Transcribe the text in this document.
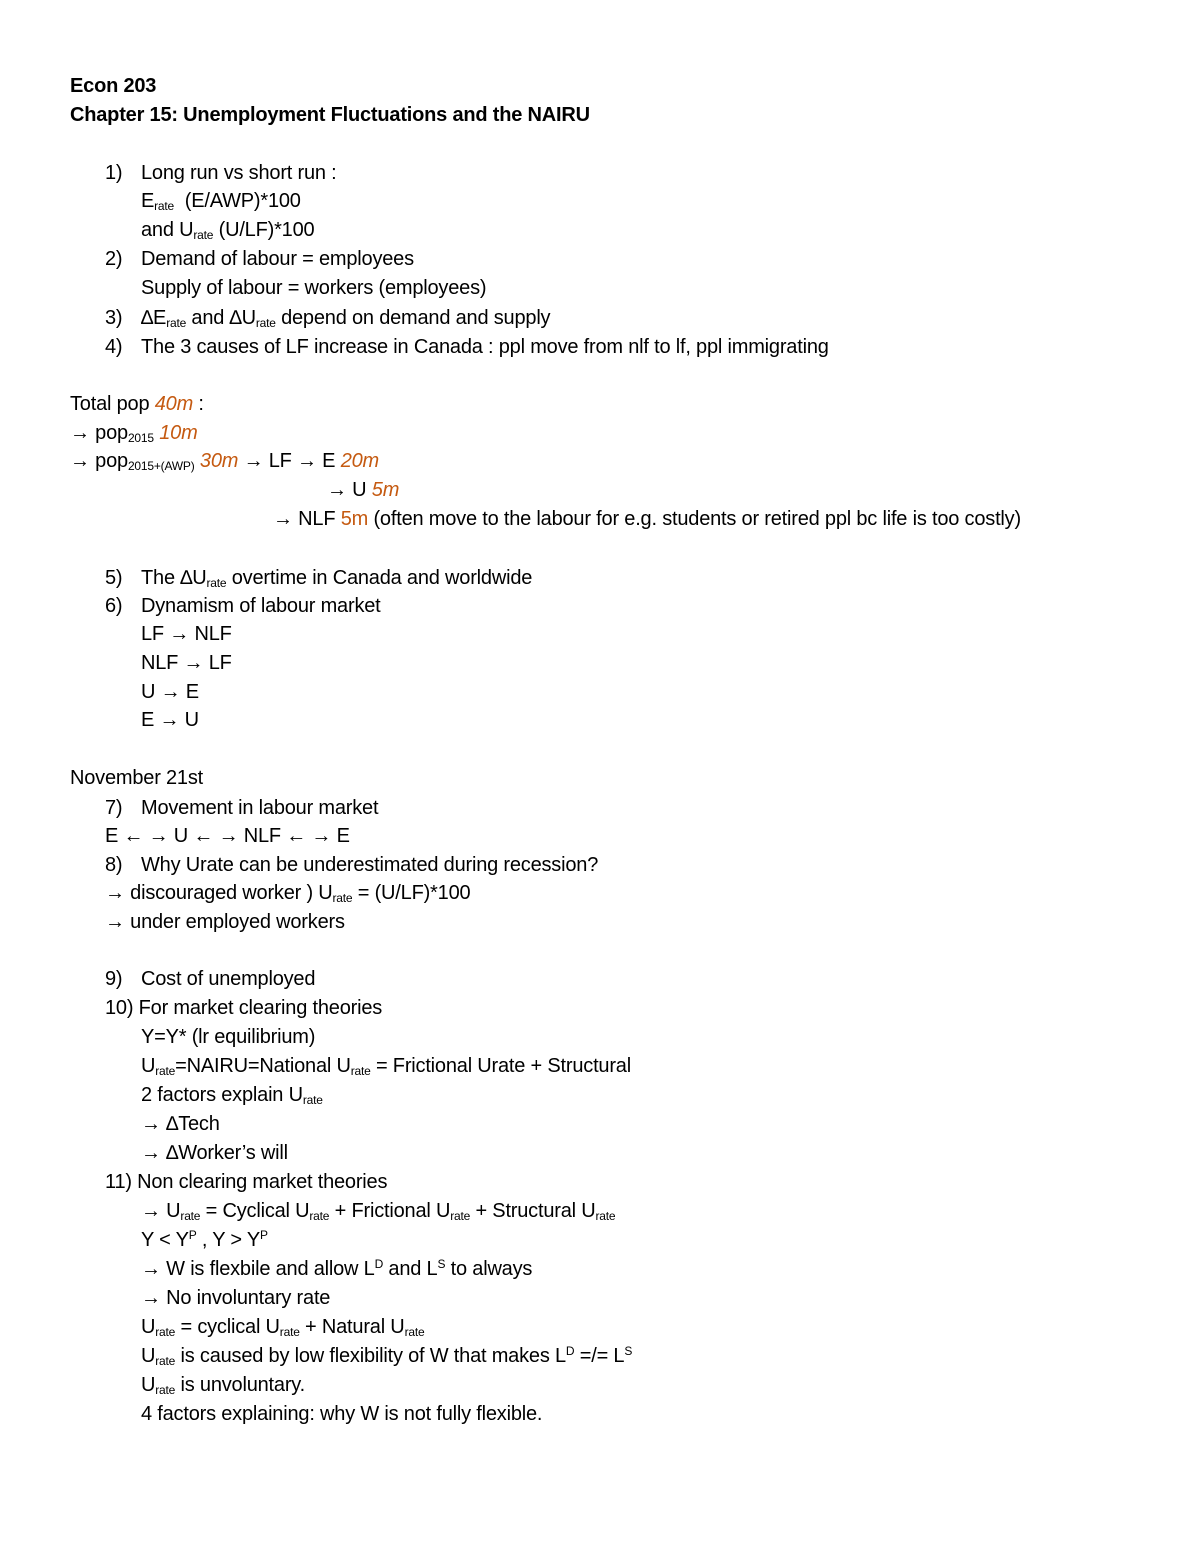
Econ 203
Chapter 15: Unemployment Fluctuations and the NAIRU
1) Long run vs short run :
$E_{rate}$  (E/AWP)*100
and $U_{rate}$ (U/LF)*100
2) Demand of labour = employees
Supply of labour = workers (employees)
3) $\Delta E_{rate}$ and $\Delta U_{rate}$ depend on demand and supply
4) The 3 causes of LF increase in Canada : ppl move from nlf to lf, ppl immigrating
Total pop 40m :
→ pop$_{2015}$ 10m
→ pop$_{2015+(AWP)}$ 30m → LF → E 20m
→ U 5m
→ NLF 5m (often move to the labour for e.g. students or retired ppl bc life is too costly)
5) The $\Delta U_{rate}$ overtime in Canada and worldwide
6) Dynamism of labour market
LF → NLF
NLF → LF
U → E
E → U
November 21st
7) Movement in labour market
E ← → U ← → NLF ← → E
8) Why Urate can be underestimated during recession?
→ discouraged worker ) $U_{rate} = (U/LF)*100$
→ under employed workers
9) Cost of unemployed
10) For market clearing theories
Y=Y* (lr equilibrium)
$U_{rate}=NAIRU=National$ $U_{rate}$ = Frictional Urate + Structural
2 factors explain $U_{rate}$
→ ∆Tech
→ ∆Worker’s will
11) Non clearing market theories
→ $U_{rate}$ = Cyclical $U_{rate}$ + Frictional $U_{rate}$ + Structural $U_{rate}$
$Y < Y^P$ , $Y > Y^P$
→ W is flexbile and allow $L^D$ and $L^S$ to always
→ No involuntary rate
$U_{rate}$ = cyclical $U_{rate}$ + Natural $U_{rate}$
$U_{rate}$ is caused by low flexibility of W that makes $L^D$ =/= $L^S$
$U_{rate}$ is unvoluntary.
4 factors explaining: why W is not fully flexible.
